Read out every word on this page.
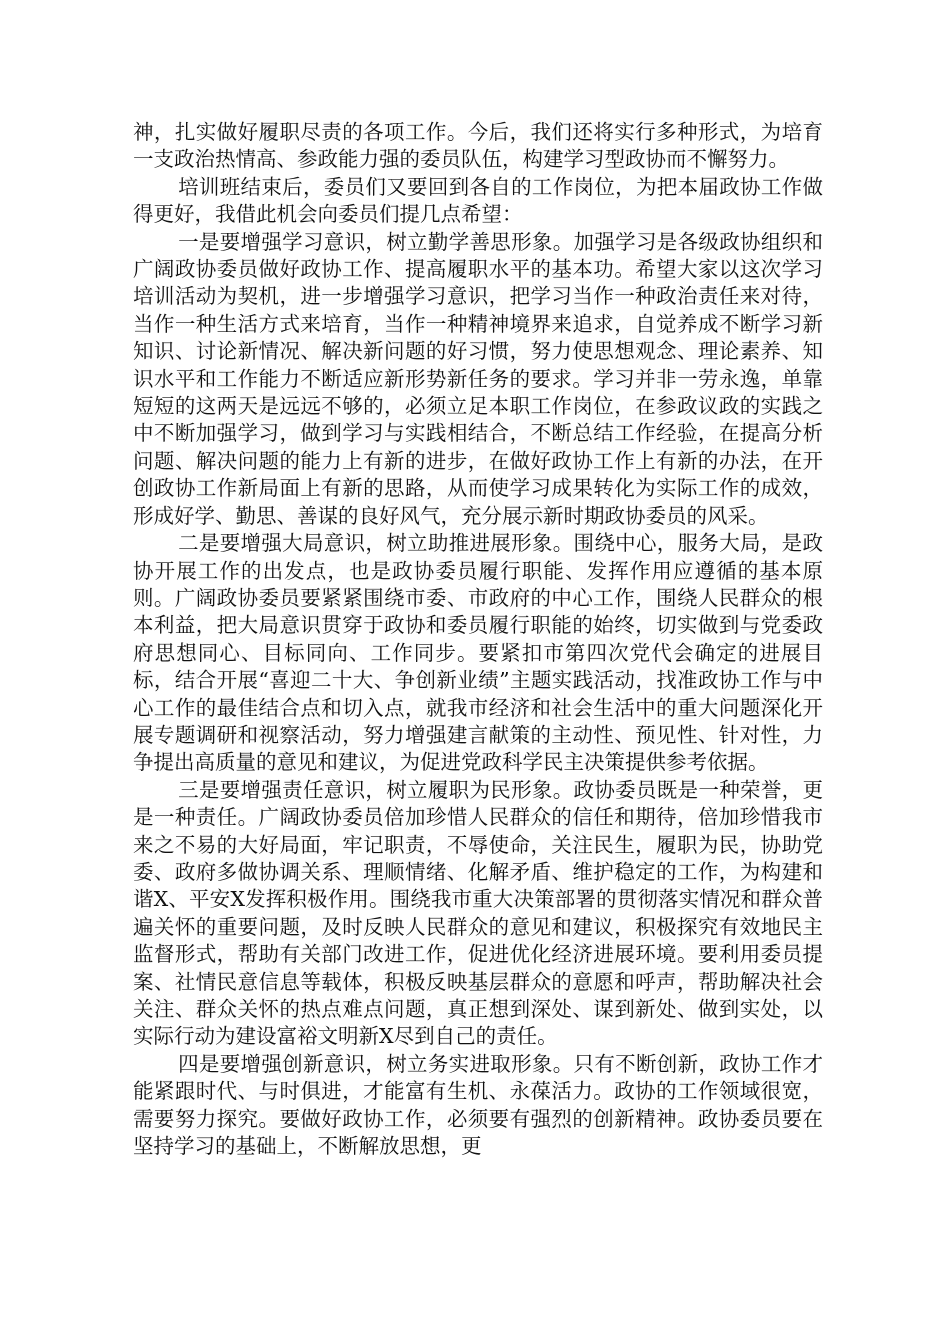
神，扎实做好履职尽责的各项工作。今后，我们还将实行多种形式，为培育一支政治热情高、参政能力强的委员队伍，构建学习型政协而不懈努力。

培训班结束后，委员们又要回到各自的工作岗位，为把本届政协工作做得更好，我借此机会向委员们提几点希望：

一是要增强学习意识，树立勤学善思形象。加强学习是各级政协组织和广阔政协委员做好政协工作、提高履职水平的基本功。希望大家以这次学习培训活动为契机，进一步增强学习意识，把学习当作一种政治责任来对待，当作一种生活方式来培育，当作一种精神境界来追求，自觉养成不断学习新知识、讨论新情况、解决新问题的好习惯，努力使思想观念、理论素养、知识水平和工作能力不断适应新形势新任务的要求。学习并非一劳永逸，单靠短短的这两天是远远不够的，必须立足本职工作岗位，在参政议政的实践之中不断加强学习，做到学习与实践相结合，不断总结工作经验，在提高分析问题、解决问题的能力上有新的进步，在做好政协工作上有新的办法，在开创政协工作新局面上有新的思路，从而使学习成果转化为实际工作的成效，形成好学、勤思、善谋的良好风气，充分展示新时期政协委员的风采。

二是要增强大局意识，树立助推进展形象。围绕中心，服务大局，是政协开展工作的出发点，也是政协委员履行职能、发挥作用应遵循的基本原则。广阔政协委员要紧紧围绕市委、市政府的中心工作，围绕人民群众的根本利益，把大局意识贯穿于政协和委员履行职能的始终，切实做到与党委政府思想同心、目标同向、工作同步。要紧扣市第四次党代会确定的进展目标，结合开展“喜迎二十大、争创新业绩”主题实践活动，找准政协工作与中心工作的最佳结合点和切入点，就我市经济和社会生活中的重大问题深化开展专题调研和视察活动，努力增强建言献策的主动性、预见性、针对性，力争提出高质量的意见和建议，为促进党政科学民主决策提供参考依据。

三是要增强责任意识，树立履职为民形象。政协委员既是一种荣誉，更是一种责任。广阔政协委员倍加珍惜人民群众的信任和期待，倍加珍惜我市来之不易的大好局面，牢记职责，不辱使命，关注民生，履职为民，协助党委、政府多做协调关系、理顺情绪、化解矛盾、维护稳定的工作，为构建和谐X、平安X发挥积极作用。围绕我市重大决策部署的贯彻落实情况和群众普遍关怀的重要问题，及时反映人民群众的意见和建议，积极探究有效地民主监督形式，帮助有关部门改进工作，促进优化经济进展环境。要利用委员提案、社情民意信息等载体，积极反映基层群众的意愿和呼声，帮助解决社会关注、群众关怀的热点难点问题，真正想到深处、谋到新处、做到实处，以实际行动为建设富裕文明新X尽到自己的责任。

四是要增强创新意识，树立务实进取形象。只有不断创新，政协工作才能紧跟时代、与时俱进，才能富有生机、永葆活力。政协的工作领域很宽，需要努力探究。要做好政协工作，必须要有强烈的创新精神。政协委员要在坚持学习的基础上，不断解放思想，更
